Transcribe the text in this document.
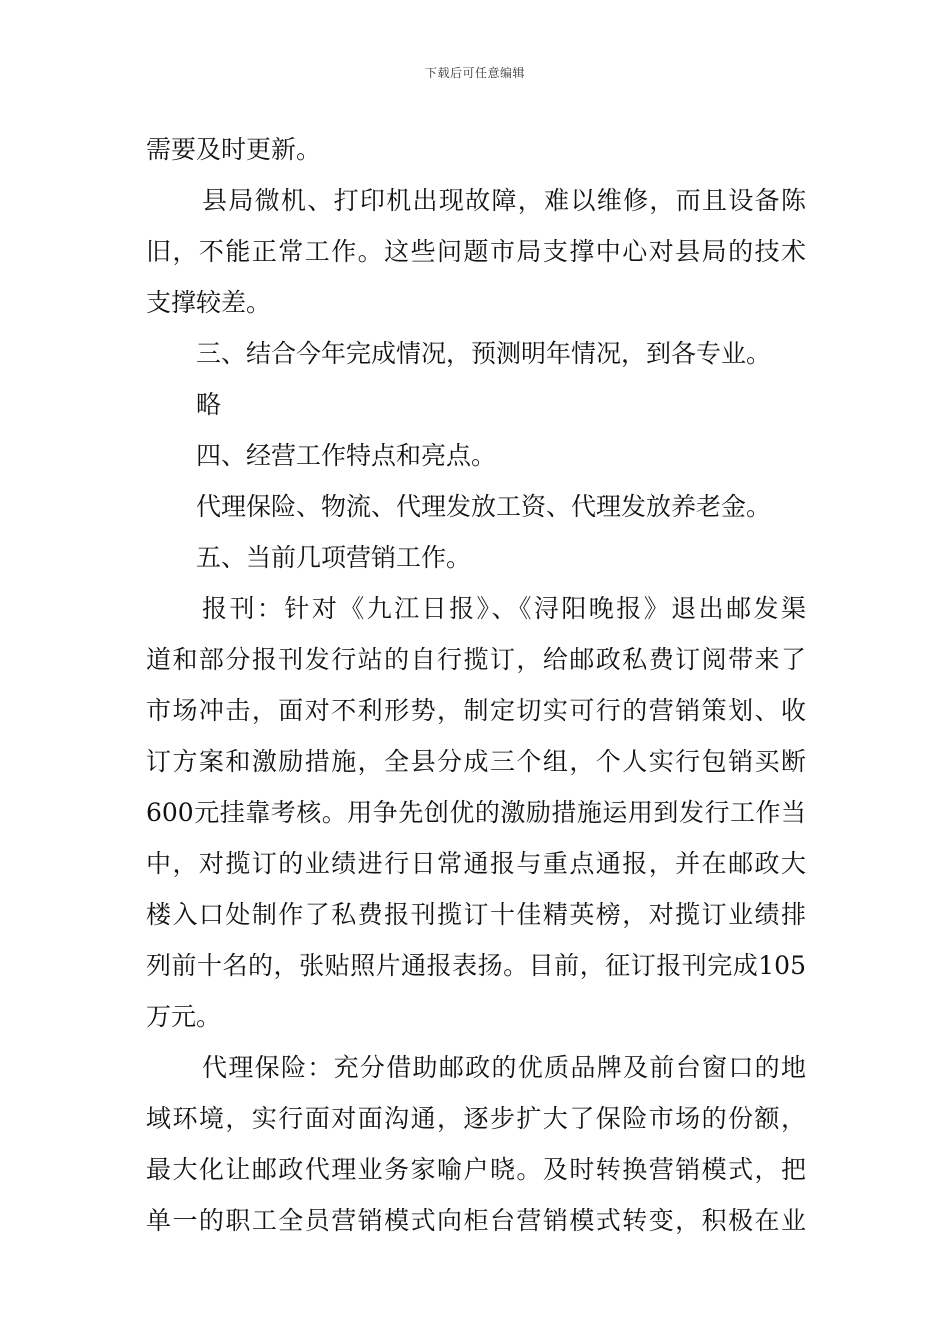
下载后可任意编辑
需要及时更新。
县局微机、打印机出现故障，难以维修，而且设备陈
旧，不能正常工作。这些问题市局支撑中心对县局的技术
支撑较差。
三、结合今年完成情况，预测明年情况，到各专业。
略
四、经营工作特点和亮点。
代理保险、物流、代理发放工资、代理发放养老金。
五、当前几项营销工作。
报刊：针对《九江日报》、《浔阳晚报》退出邮发渠
道和部分报刊发行站的自行揽订，给邮政私费订阅带来了
市场冲击，面对不利形势，制定切实可行的营销策划、收
订方案和激励措施，全县分成三个组，个人实行包销买断
600元挂靠考核。用争先创优的激励措施运用到发行工作当
中，对揽订的业绩进行日常通报与重点通报，并在邮政大
楼入口处制作了私费报刊揽订十佳精英榜，对揽订业绩排
列前十名的，张贴照片通报表扬。目前，征订报刊完成105
万元。
代理保险：充分借助邮政的优质品牌及前台窗口的地
域环境，实行面对面沟通，逐步扩大了保险市场的份额，
最大化让邮政代理业务家喻户晓。及时转换营销模式，把
单一的职工全员营销模式向柜台营销模式转变，积极在业
